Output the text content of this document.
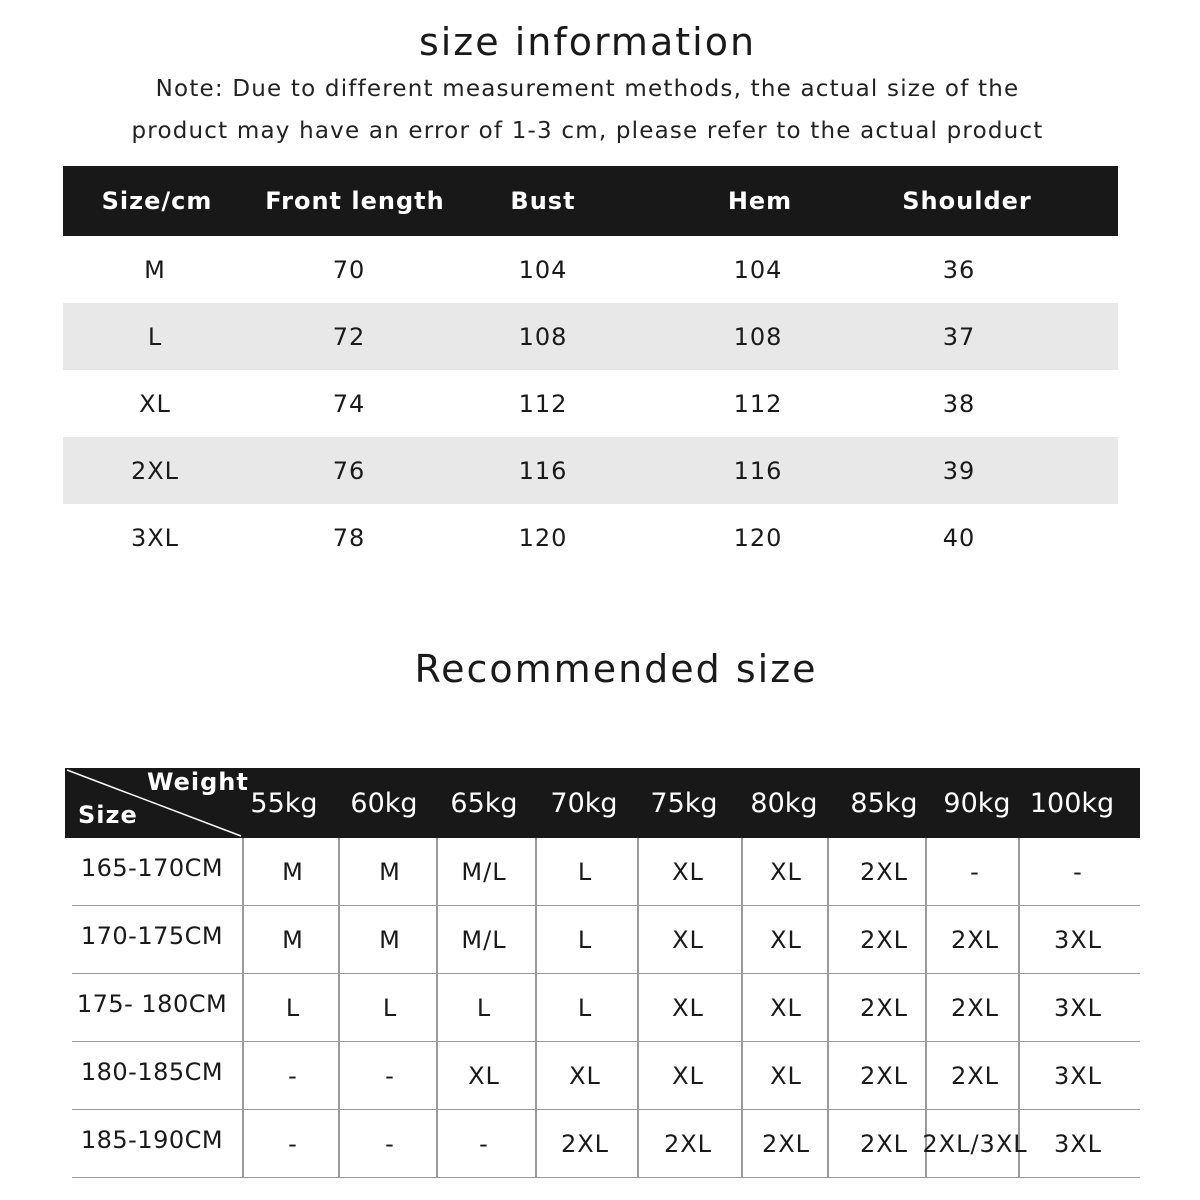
size information
Note: Due to different measurement methods, the actual size of the
product may have an error of 1-3 cm, please refer to the actual product
Size/cm	Front length	Bust	Hem	Shoulder
M	70	104	104	36
L	72	108	108	37
XL	74	112	112	38
2XL	76	116	116	39
3XL	78	120	120	40
Recommended size
Weight
Size	55kg	60kg	65kg	70kg	75kg	80kg	85kg 90kg 100kg
165-170CM	M	M	M/L	L	XL	XL	2XL	-	-
170-175CM	M	M	M/L	L	XL	XL	2XL	2XL	3XL
175- 180CM	L	L	L	L	XL	XL	2XL	2XL	3XL
180-185CM	-	-	XL	XL	XL	XL	2XL	2XL	3XL
185-190CM	-	-	-	2XL	2XL	2XL	2XL 2XL/3XL	3XL
